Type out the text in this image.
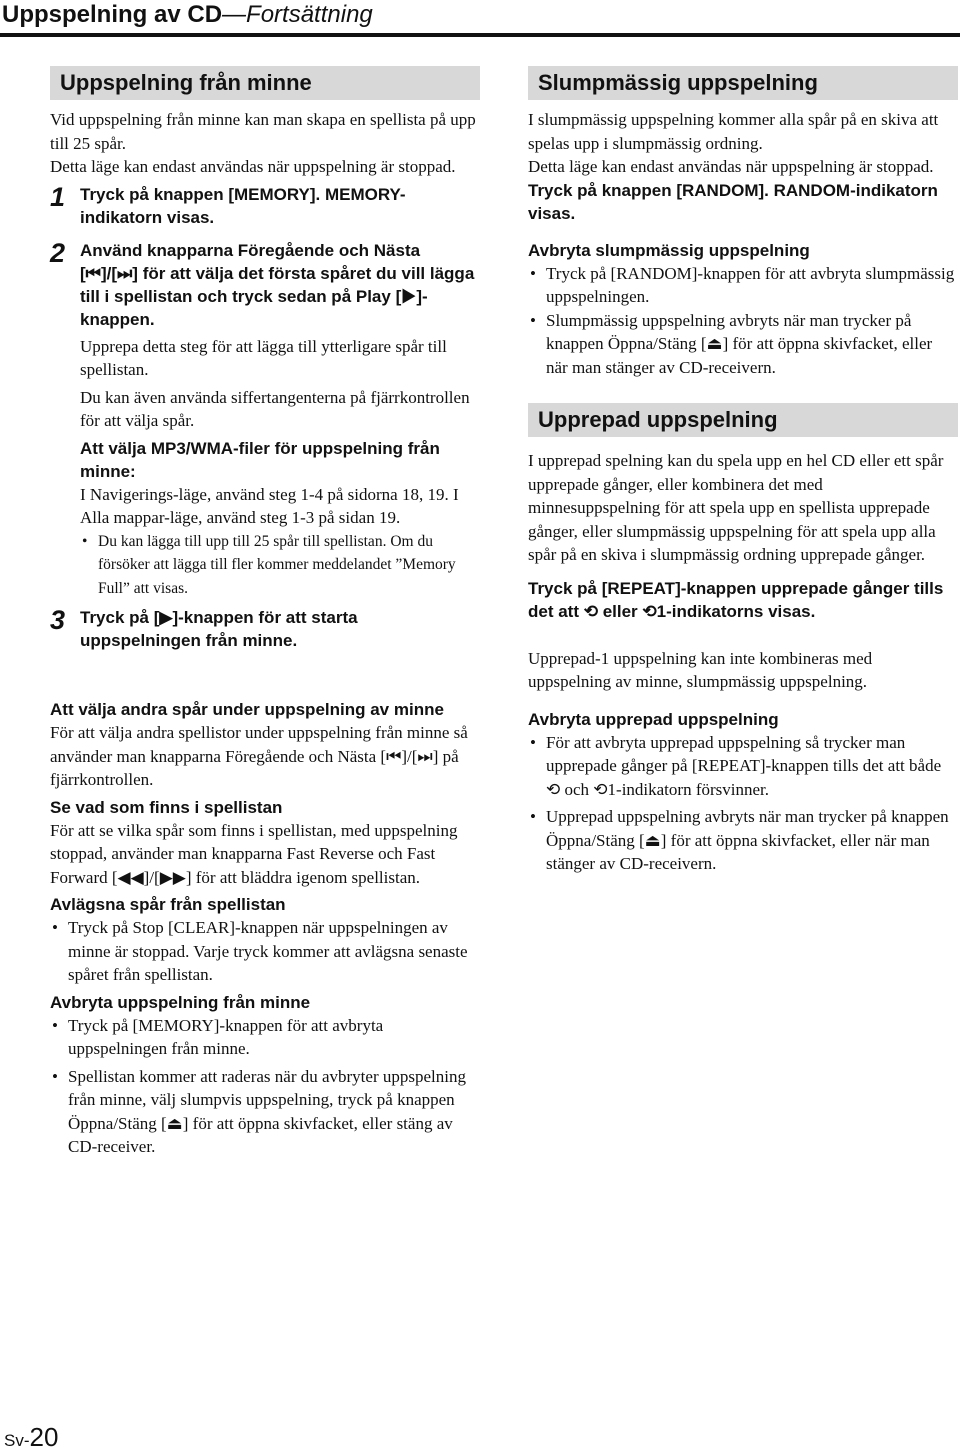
Uppspelning av CD—Fortsättning
Uppspelning från minne

Vid uppspelning från minne kan man skapa en spellista på upp till 25 spår.

Detta läge kan endast användas när uppspelning är stoppad.

1 Tryck på knappen [MEMORY]. MEMORY-indikatorn visas.

2 Använd knapparna Föregående och Nästa [⏮]/[⏭] för att välja det första spåret du vill lägga till i spellistan och tryck sedan på Play [▶]-knappen.

Upprepa detta steg för att lägga till ytterligare spår till spellistan.

Du kan även använda siffertangenterna på fjärrkontrollen för att välja spår.

Att välja MP3/WMA-filer för uppspelning från minne:

I Navigerings-läge, använd steg 1-4 på sidorna 18, 19. I Alla mappar-läge, använd steg 1-3 på sidan 19.

• Du kan lägga till upp till 25 spår till spellistan. Om du försöker att lägga till fler kommer meddelandet ”Memory Full” att visas.

3 Tryck på [▶]-knappen för att starta uppspelningen från minne.

Att välja andra spår under uppspelning av minne

För att välja andra spellistor under uppspelning från minne så använder man knapparna Föregående och Nästa [⏮]/[⏭] på fjärrkontrollen.

Se vad som finns i spellistan

För att se vilka spår som finns i spellistan, med uppspelning stoppad, använder man knapparna Fast Reverse och Fast Forward [◀◀]/[▶▶] för att bläddra igenom spellistan.

Avlägsna spår från spellistan

• Tryck på Stop [CLEAR]-knappen när uppspelningen av minne är stoppad. Varje tryck kommer att avlägsna senaste spåret från spellistan.

Avbryta uppspelning från minne

• Tryck på [MEMORY]-knappen för att avbryta uppspelningen från minne.

• Spellistan kommer att raderas när du avbryter uppspelning från minne, välj slumpvis uppspelning, tryck på knappen Öppna/Stäng [⏏] för att öppna skivfacket, eller stäng av CD-receiver.

Slumpmässig uppspelning

I slumpmässig uppspelning kommer alla spår på en skiva att spelas upp i slumpmässig ordning.

Detta läge kan endast användas när uppspelning är stoppad.

Tryck på knappen [RANDOM]. RANDOM-indikatorn visas.

Avbryta slumpmässig uppspelning

• Tryck på [RANDOM]-knappen för att avbryta slumpmässig uppspelningen.

• Slumpmässig uppspelning avbryts när man trycker på knappen Öppna/Stäng [⏏] för att öppna skivfacket, eller när man stänger av CD-receivern.

Upprepad uppspelning

I upprepad spelning kan du spela upp en hel CD eller ett spår upprepade gånger, eller kombinera det med minnesuppspelning för att spela upp en spellista upprepade gånger, eller slumpmässig uppspelning för att spela upp alla spår på en skiva i slumpmässig ordning upprepade gånger.

Tryck på [REPEAT]-knappen upprepade gånger tills det att ⟲ eller ⟲1-indikatorns visas.

Upprepad-1 uppspelning kan inte kombineras med uppspelning av minne, slumpmässig uppspelning.

Avbryta upprepad uppspelning

• För att avbryta upprepad uppspelning så trycker man upprepade gånger på [REPEAT]-knappen tills det att både ⟲ och ⟲1-indikatorn försvinner.

• Upprepad uppspelning avbryts när man trycker på knappen Öppna/Stäng [⏏] för att öppna skivfacket, eller när man stänger av CD-receivern.

Sv-20
